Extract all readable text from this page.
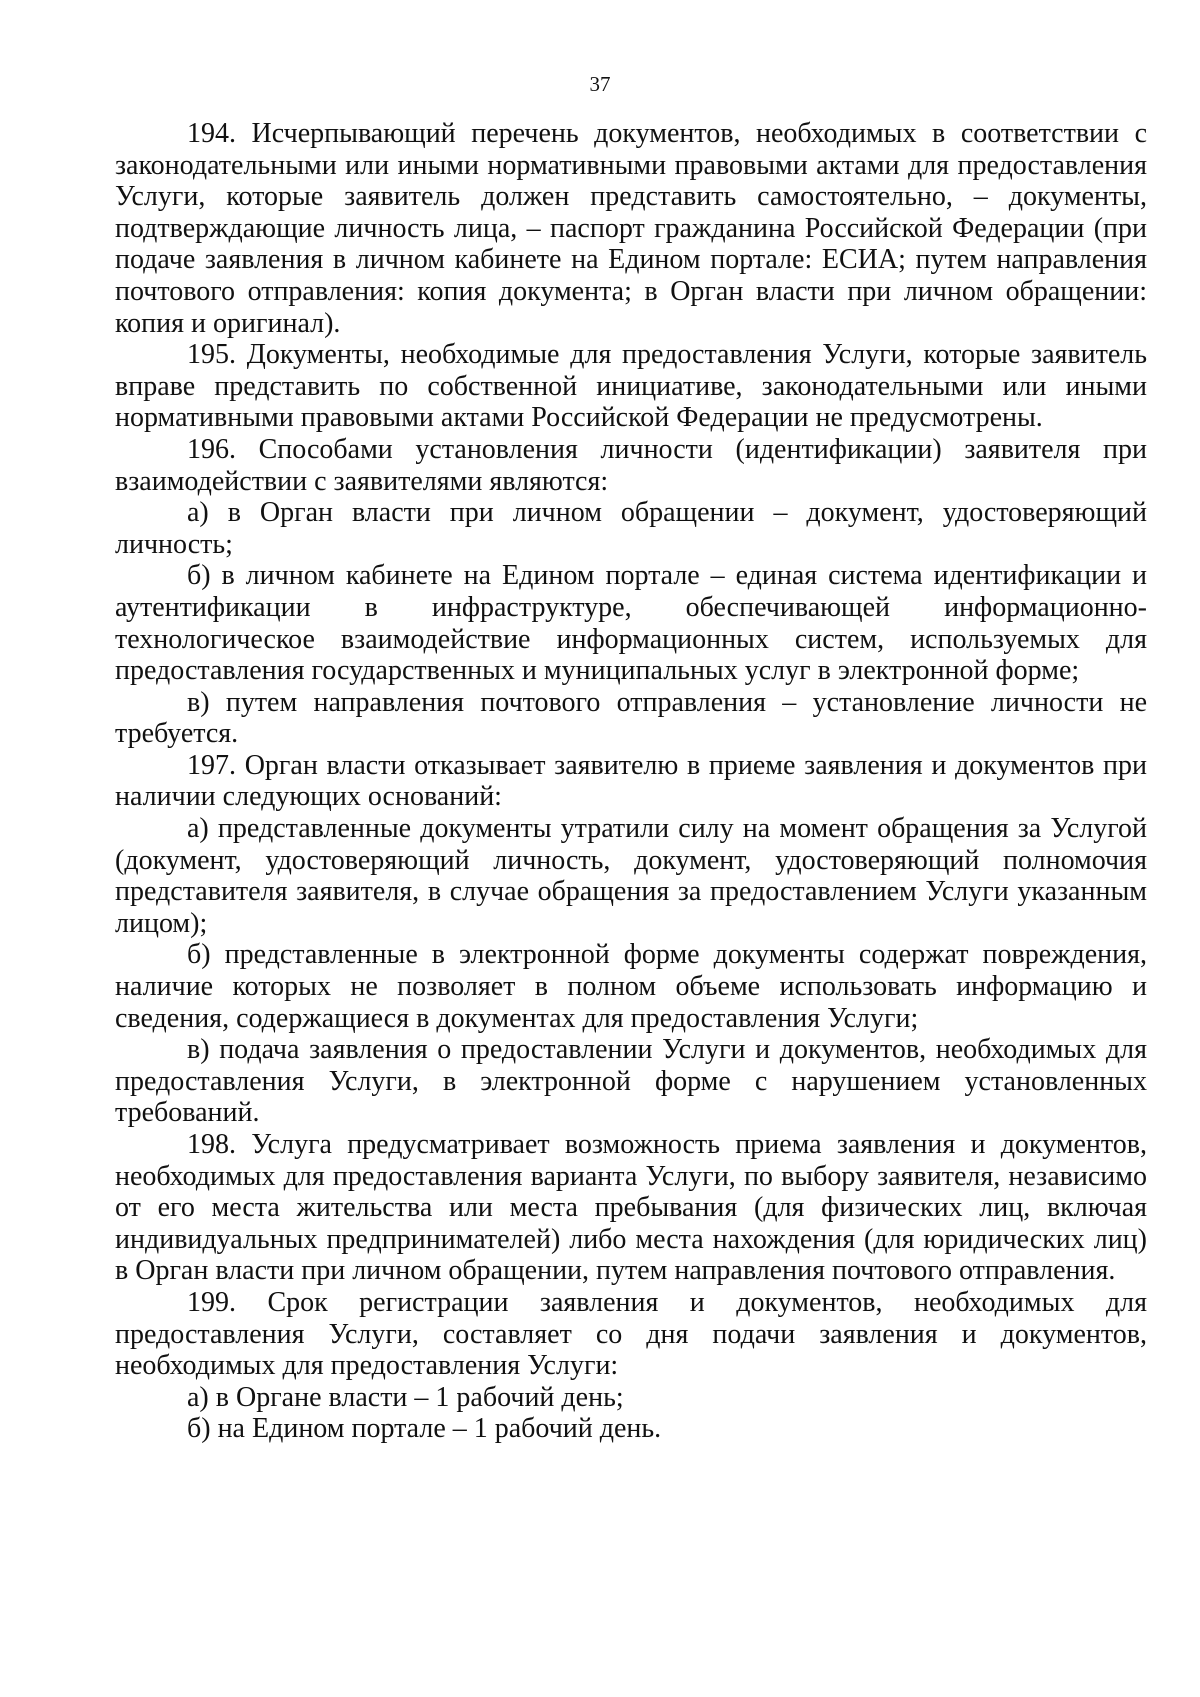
37

194. Исчерпывающий перечень документов, необходимых в соответствии с законодательными или иными нормативными правовыми актами для предоставления Услуги, которые заявитель должен представить самостоятельно, – документы, подтверждающие личность лица, – паспорт гражданина Российской Федерации (при подаче заявления в личном кабинете на Едином портале: ЕСИА; путем направления почтового отправления: копия документа; в Орган власти при личном обращении: копия и оригинал).

195. Документы, необходимые для предоставления Услуги, которые заявитель вправе представить по собственной инициативе, законодательными или иными нормативными правовыми актами Российской Федерации не предусмотрены.

196. Способами установления личности (идентификации) заявителя при взаимодействии с заявителями являются:

а) в Орган власти при личном обращении – документ, удостоверяющий личность;

б) в личном кабинете на Едином портале – единая система идентификации и аутентификации в инфраструктуре, обеспечивающей информационно-технологическое взаимодействие информационных систем, используемых для предоставления государственных и муниципальных услуг в электронной форме;

в) путем направления почтового отправления – установление личности не требуется.

197. Орган власти отказывает заявителю в приеме заявления и документов при наличии следующих оснований:

а) представленные документы утратили силу на момент обращения за Услугой (документ, удостоверяющий личность, документ, удостоверяющий полномочия представителя заявителя, в случае обращения за предоставлением Услуги указанным лицом);

б) представленные в электронной форме документы содержат повреждения, наличие которых не позволяет в полном объеме использовать информацию и сведения, содержащиеся в документах для предоставления Услуги;

в) подача заявления о предоставлении Услуги и документов, необходимых для предоставления Услуги, в электронной форме с нарушением установленных требований.

198. Услуга предусматривает возможность приема заявления и документов, необходимых для предоставления варианта Услуги, по выбору заявителя, независимо от его места жительства или места пребывания (для физических лиц, включая индивидуальных предпринимателей) либо места нахождения (для юридических лиц) в Орган власти при личном обращении, путем направления почтового отправления.

199. Срок регистрации заявления и документов, необходимых для предоставления Услуги, составляет со дня подачи заявления и документов, необходимых для предоставления Услуги:

а) в Органе власти – 1 рабочий день;

б) на Едином портале – 1 рабочий день.
